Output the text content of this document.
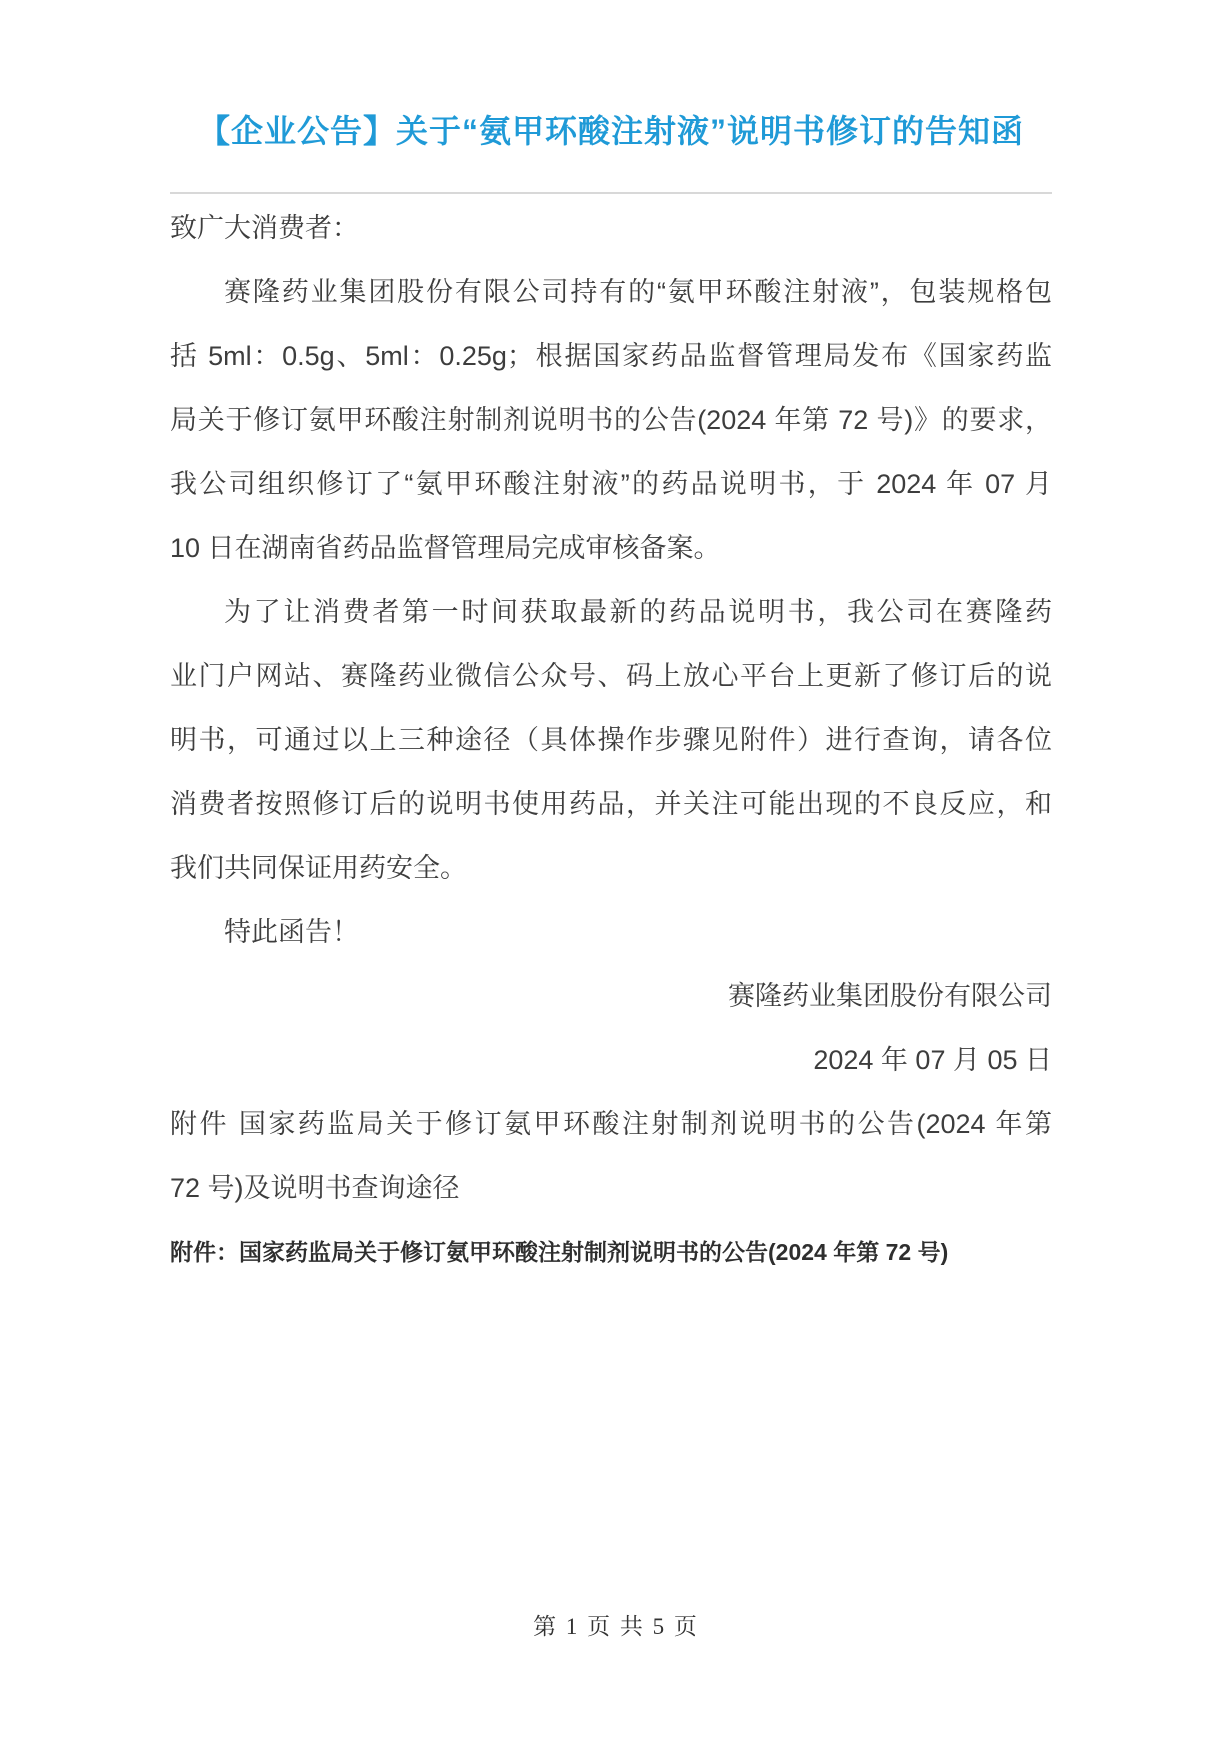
【企业公告】关于“氨甲环酸注射液”说明书修订的告知函
致广大消费者：
赛隆药业集团股份有限公司持有的“氨甲环酸注射液”，包装规格包
括 5ml：0.5g、5ml：0.25g；根据国家药品监督管理局发布《国家药监
局关于修订氨甲环酸注射制剂说明书的公告(2024 年第 72 号)》的要求，
我公司组织修订了“氨甲环酸注射液”的药品说明书，于 2024 年 07 月
10 日在湖南省药品监督管理局完成审核备案。
为了让消费者第一时间获取最新的药品说明书，我公司在赛隆药
业门户网站、赛隆药业微信公众号、码上放心平台上更新了修订后的说
明书，可通过以上三种途径（具体操作步骤见附件）进行查询，请各位
消费者按照修订后的说明书使用药品，并关注可能出现的不良反应，和
我们共同保证用药安全。
特此函告！
赛隆药业集团股份有限公司
2024 年 07 月 05 日
附件 国家药监局关于修订氨甲环酸注射制剂说明书的公告(2024 年第
72 号)及说明书查询途径
附件：国家药监局关于修订氨甲环酸注射制剂说明书的公告(2024 年第 72 号)
第 1 页 共 5 页
